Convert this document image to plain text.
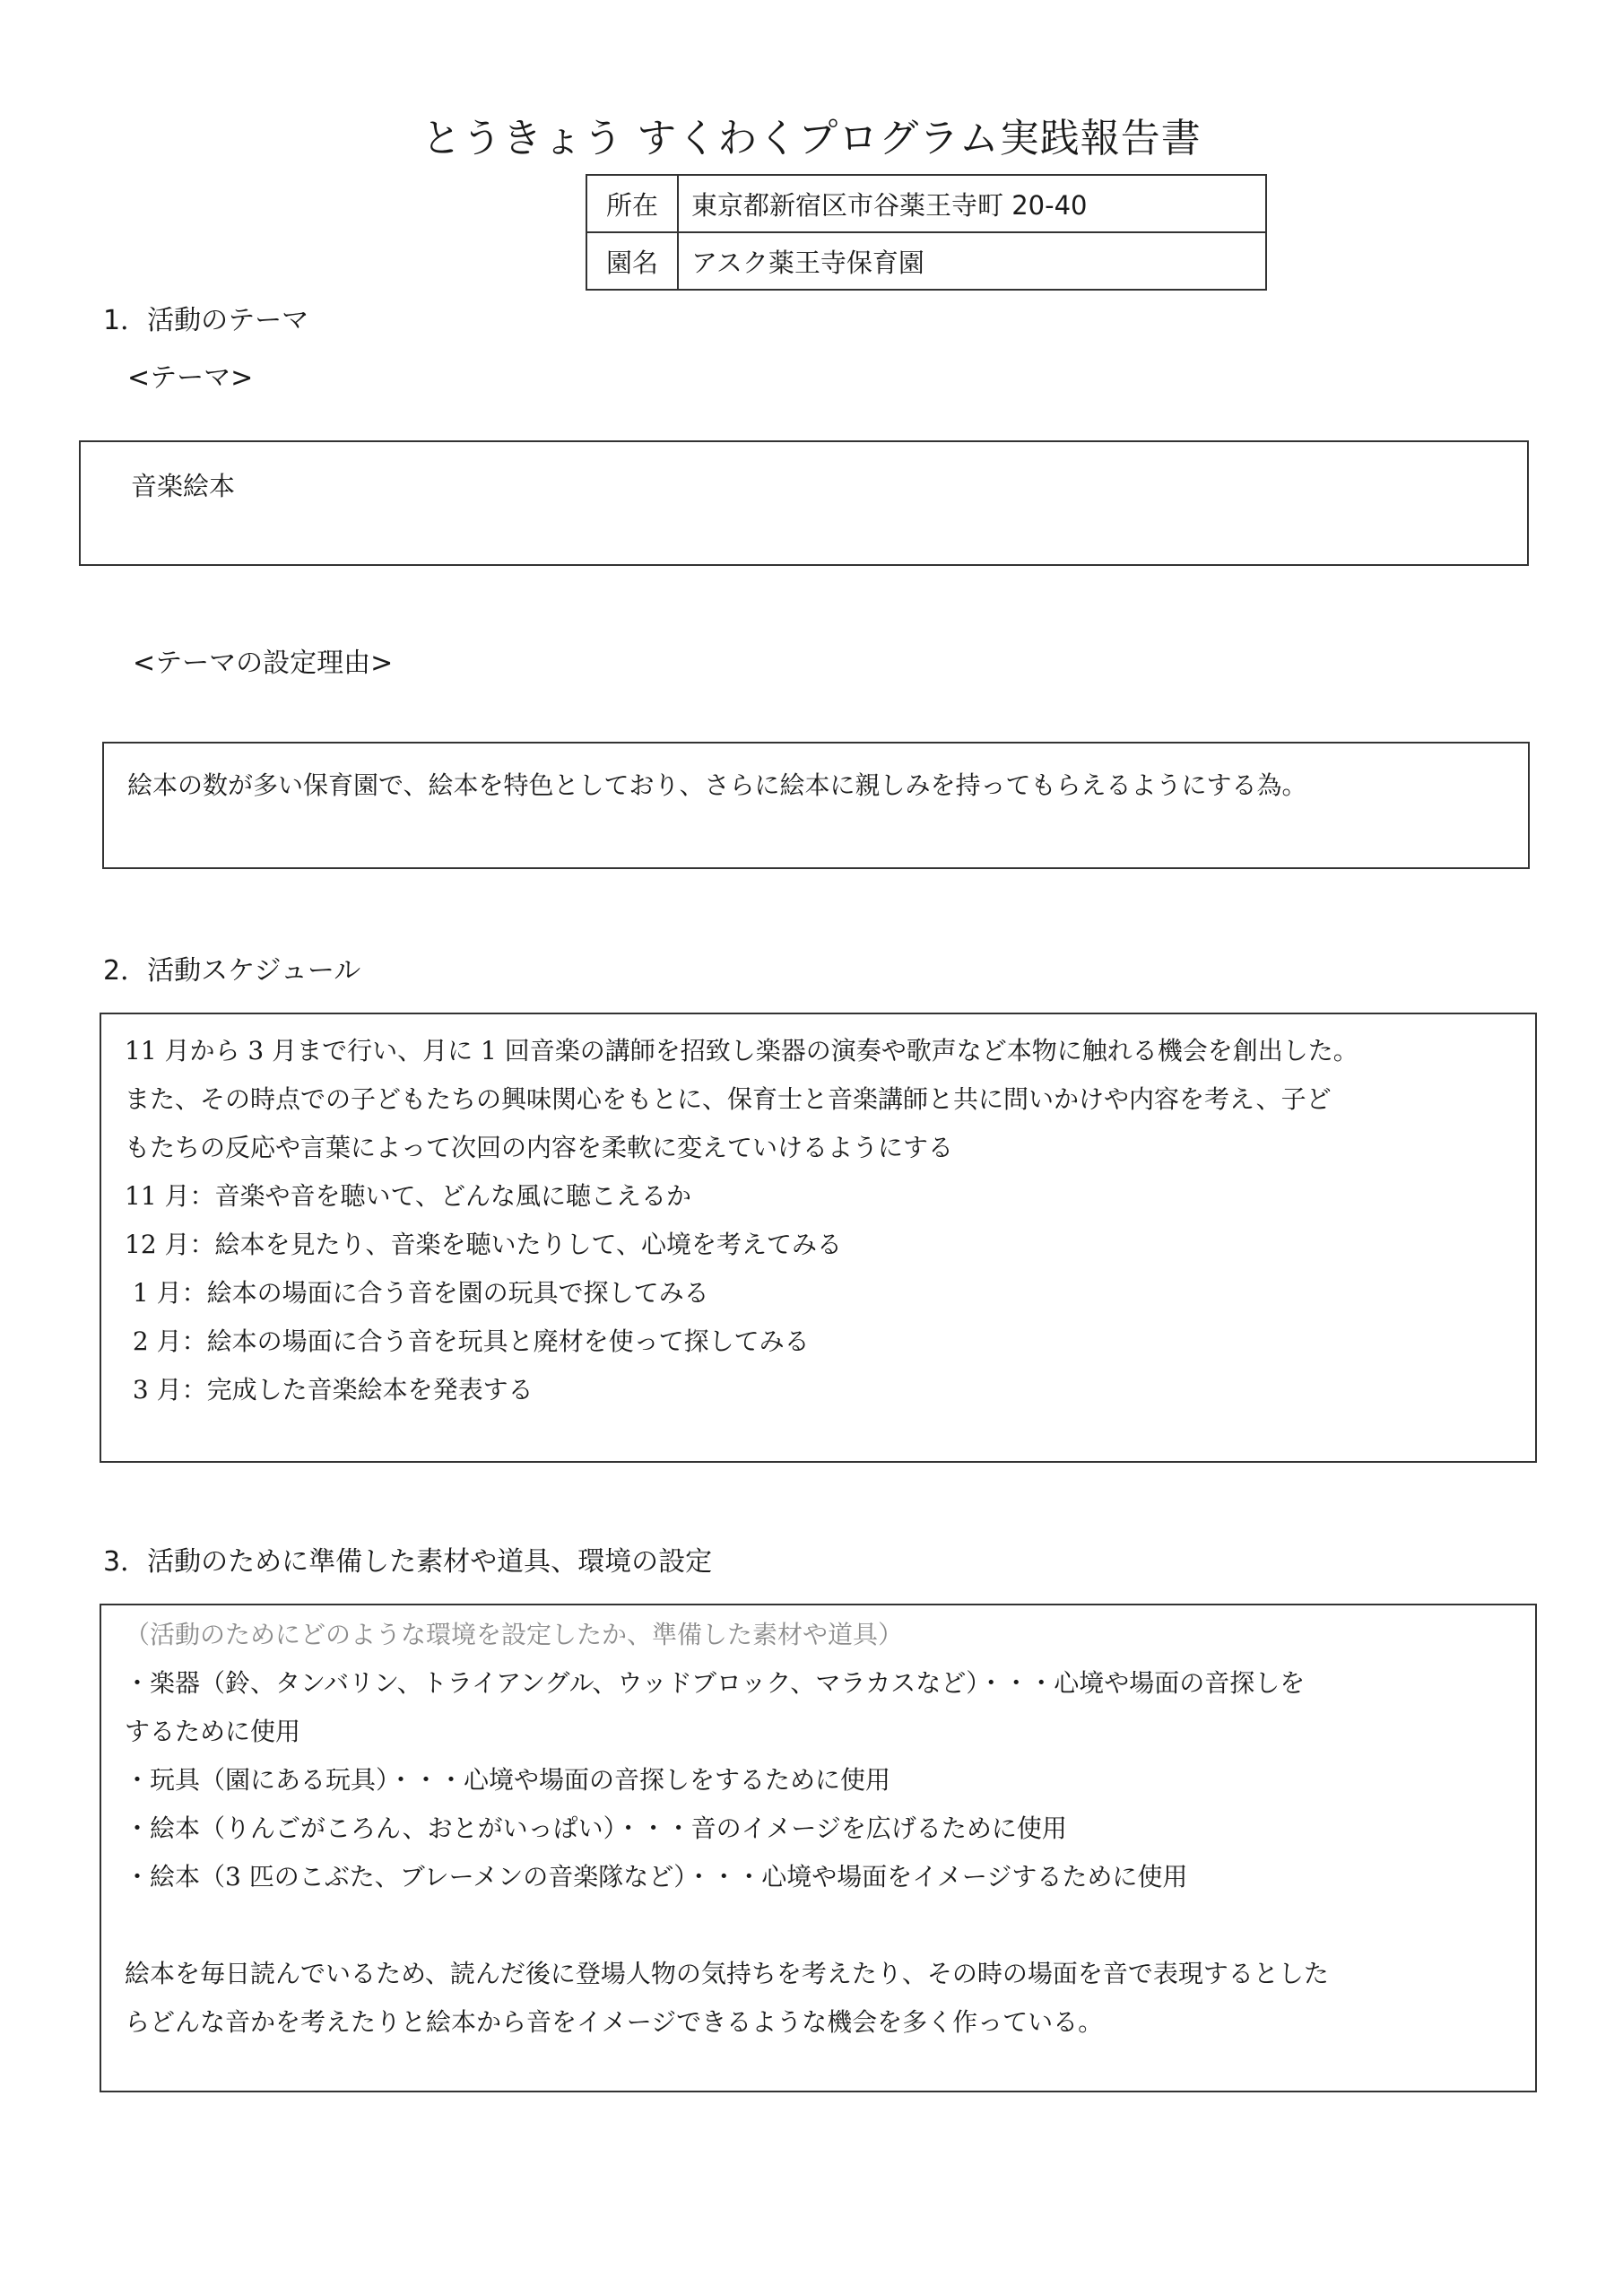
とうきょう すくわくプログラム実践報告書
所在	東京都新宿区市谷薬王寺町 20-40
園名	アスク薬王寺保育園
1．活動のテーマ
<テーマ>

音楽絵本

<テーマの設定理由>

絵本の数が多い保育園で、絵本を特色としており、さらに絵本に親しみを持ってもらえるようにする為。

2．活動スケジュール

11 月から 3 月まで行い、月に 1 回音楽の講師を招致し楽器の演奏や歌声など本物に触れる機会を創出した。

また、その時点での子どもたちの興味関心をもとに、保育士と音楽講師と共に問いかけや内容を考え、子ど

もたちの反応や言葉によって次回の内容を柔軟に変えていけるようにする

11 月：音楽や音を聴いて、どんな風に聴こえるか

12 月：絵本を見たり、音楽を聴いたりして、心境を考えてみる

1 月：絵本の場面に合う音を園の玩具で探してみる

2 月：絵本の場面に合う音を玩具と廃材を使って探してみる

3 月：完成した音楽絵本を発表する

3．活動のために準備した素材や道具、環境の設定

（活動のためにどのような環境を設定したか、準備した素材や道具）

・楽器（鈴、タンバリン、トライアングル、ウッドブロック、マラカスなど）・・・心境や場面の音探しを

するために使用

・玩具（園にある玩具）・・・心境や場面の音探しをするために使用

・絵本（りんごがころん、おとがいっぱい）・・・音のイメージを広げるために使用

・絵本（3 匹のこぶた、ブレーメンの音楽隊など）・・・心境や場面をイメージするために使用

絵本を毎日読んでいるため、読んだ後に登場人物の気持ちを考えたり、その時の場面を音で表現するとした

らどんな音かを考えたりと絵本から音をイメージできるような機会を多く作っている。
